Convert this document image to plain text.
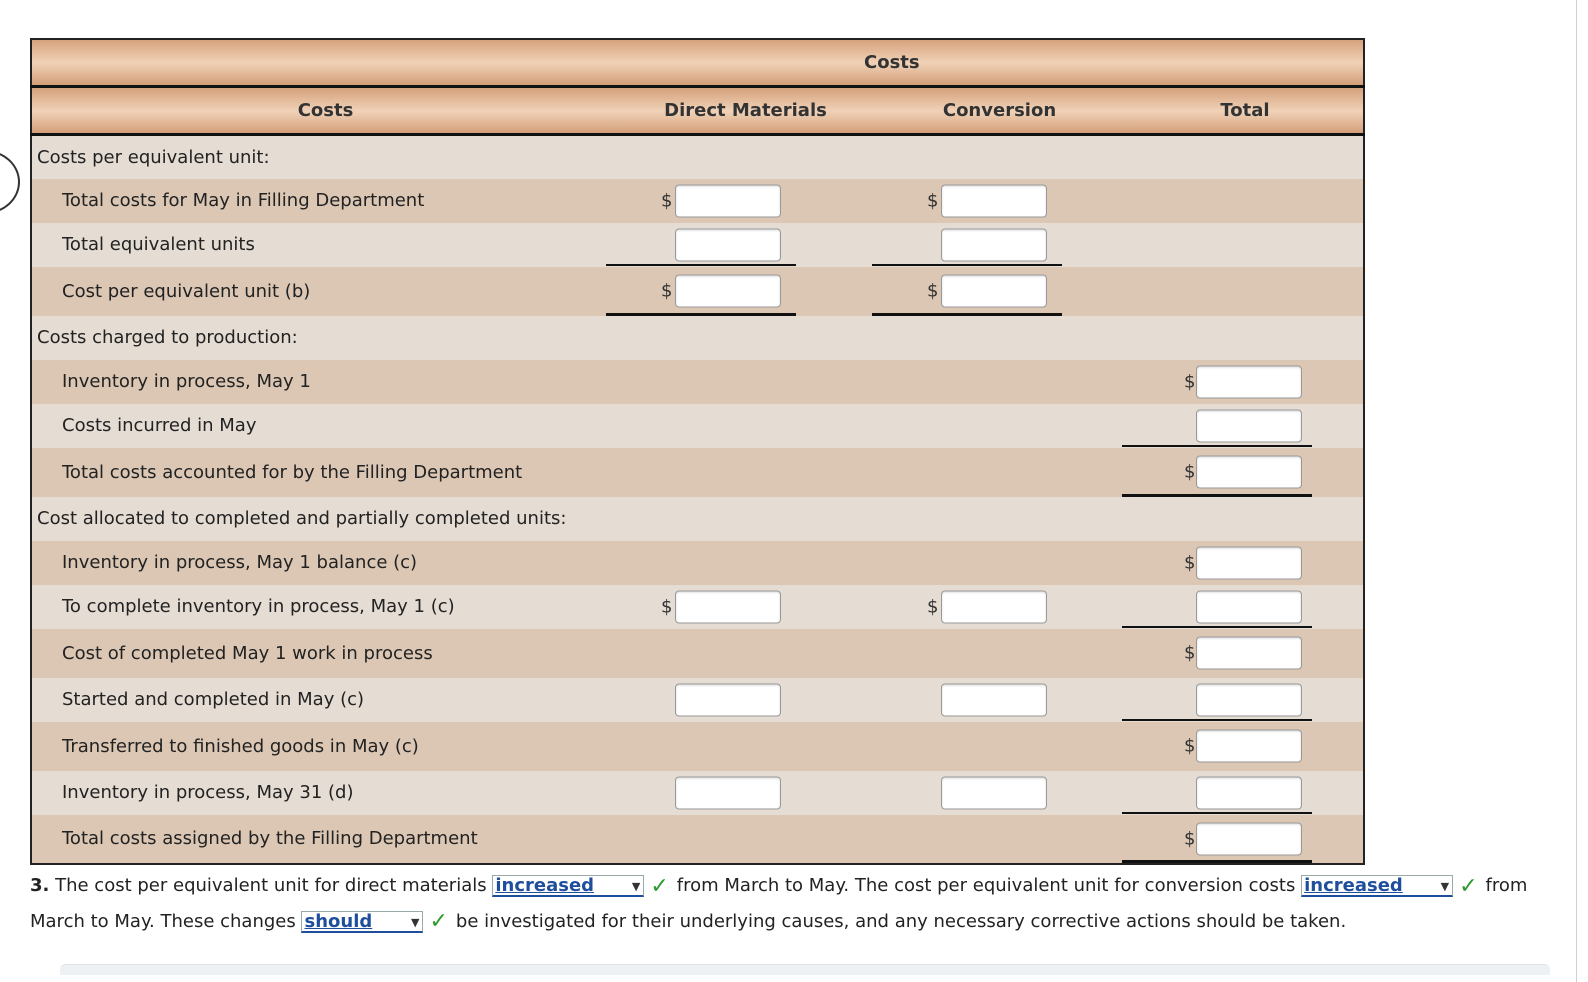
	Costs		
Costs	Direct Materials	Conversion	Total
Costs per equivalent unit:			
Total costs for May in Filling Department	$	$	

Total equivalent units	

Cost per equivalent unit (b)	$	$	

Costs charged to production:			
Inventory in process, May 1			$

Costs incurred in May			

Total costs accounted for by the Filling Department			$

Cost allocated to completed and partially completed units:			
Inventory in process, May 1 balance (c)			$

To complete inventory in process, May 1 (c)	$	$	

Cost of completed May 1 work in process			$

Started and completed in May (c)	

Transferred to finished goods in May (c)			$

Inventory in process, May 31 (d)	

Total costs assigned by the Filling Department			$
3. The cost per equivalent unit for direct materials increased	▼ ✓ from March to May. The cost per equivalent unit for conversion costs increased	▼ ✓ from March to May. These changes should	▼ ✓ be investigated for their underlying causes, and any necessary corrective actions should be taken.
